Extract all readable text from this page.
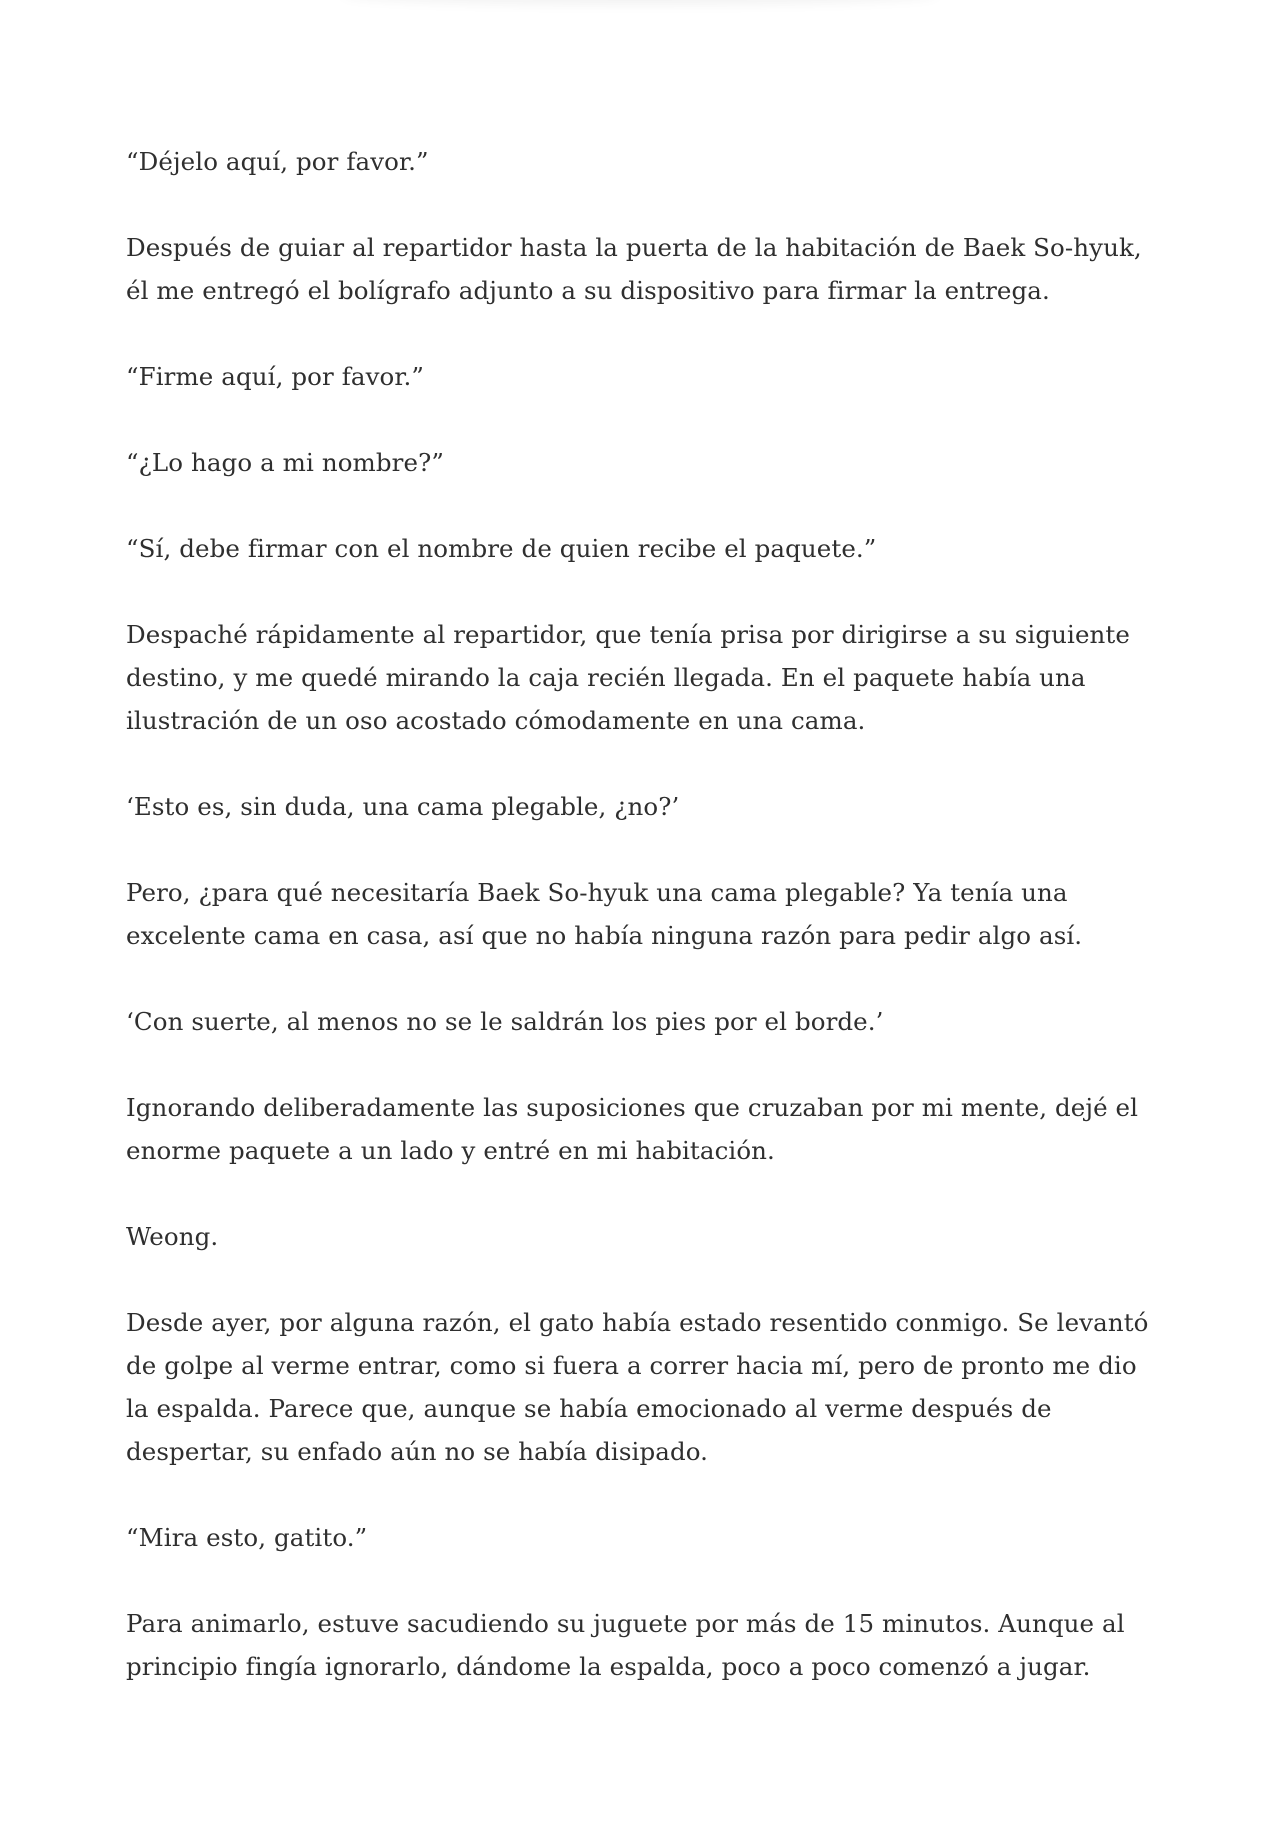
“Déjelo aquí, por favor.”

Después de guiar al repartidor hasta la puerta de la habitación de Baek So-hyuk, él me entregó el bolígrafo adjunto a su dispositivo para firmar la entrega.

“Firme aquí, por favor.”

“¿Lo hago a mi nombre?”

“Sí, debe firmar con el nombre de quien recibe el paquete.”

Despaché rápidamente al repartidor, que tenía prisa por dirigirse a su siguiente destino, y me quedé mirando la caja recién llegada. En el paquete había una ilustración de un oso acostado cómodamente en una cama.

‘Esto es, sin duda, una cama plegable, ¿no?’

Pero, ¿para qué necesitaría Baek So-hyuk una cama plegable? Ya tenía una excelente cama en casa, así que no había ninguna razón para pedir algo así.

‘Con suerte, al menos no se le saldrán los pies por el borde.’

Ignorando deliberadamente las suposiciones que cruzaban por mi mente, dejé el enorme paquete a un lado y entré en mi habitación.

Weong.

Desde ayer, por alguna razón, el gato había estado resentido conmigo. Se levantó de golpe al verme entrar, como si fuera a correr hacia mí, pero de pronto me dio la espalda. Parece que, aunque se había emocionado al verme después de despertar, su enfado aún no se había disipado.

“Mira esto, gatito.”

Para animarlo, estuve sacudiendo su juguete por más de 15 minutos. Aunque al principio fingía ignorarlo, dándome la espalda, poco a poco comenzó a jugar.
